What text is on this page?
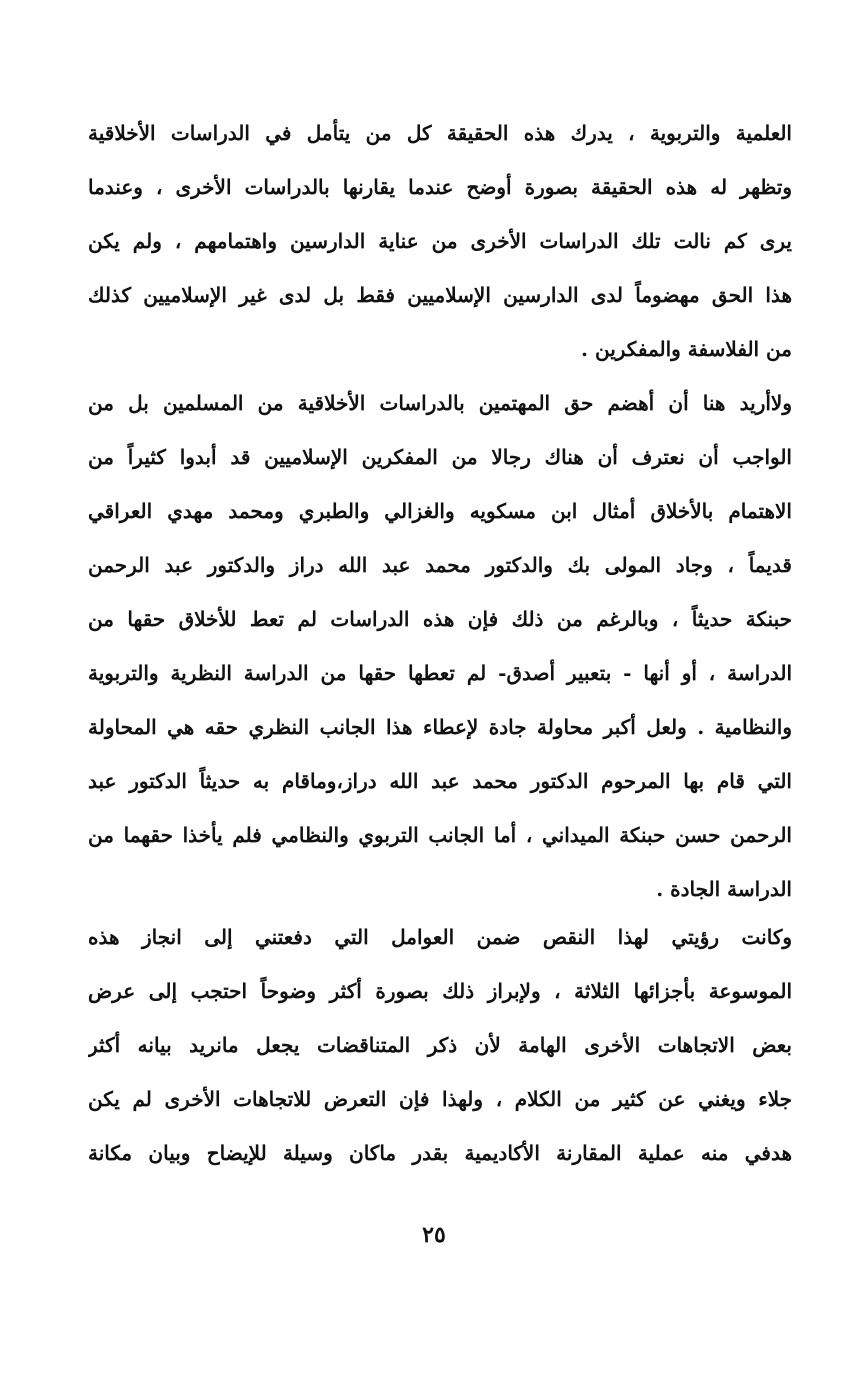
العلمية والتربوية ، يدرك هذه الحقيقة كل من يتأمل في الدراسات الأخلاقية
وتظهر له هذه الحقيقة بصورة أوضح عندما يقارنها بالدراسات الأخرى ، وعندما
يرى كم نالت تلك الدراسات الأخرى من عناية الدارسين واهتمامهم ، ولم يكن
هذا الحق مهضوماً لدى الدارسين الإسلاميين فقط بل لدى غير الإسلاميين كذلك
من الفلاسفة والمفكرين .
ولاأريد هنا أن أهضم حق المهتمين بالدراسات الأخلاقية من المسلمين بل من
الواجب أن نعترف أن هناك رجالا من المفكرين الإسلاميين قد أبدوا كثيراً من
الاهتمام بالأخلاق أمثال ابن مسكويه والغزالي والطبري ومحمد مهدي العراقي
قديماً ، وجاد المولى بك والدكتور محمد عبد الله دراز والدكتور عبد الرحمن
حبنكة حديثاً ، وبالرغم من ذلك فإن هذه الدراسات لم تعط للأخلاق حقها من
الدراسة ، أو أنها - بتعبير أصدق- لم تعطها حقها من الدراسة النظرية والتربوية
والنظامية . ولعل أكبر محاولة جادة لإعطاء هذا الجانب النظري حقه هي المحاولة
التي قام بها المرحوم الدكتور محمد عبد الله دراز،وماقام به حديثاً الدكتور عبد
الرحمن حسن حبنكة الميداني ، أما الجانب التربوي والنظامي فلم يأخذا حقهما من
الدراسة الجادة .
وكانت رؤيتي لهذا النقص ضمن العوامل التي دفعتني إلى انجاز هذه
الموسوعة بأجزائها الثلاثة ، ولإبراز ذلك بصورة أكثر وضوحاً احتجب إلى عرض
بعض الاتجاهات الأخرى الهامة لأن ذكر المتناقضات يجعل مانريد بيانه أكثر
جلاء ويغني عن كثير من الكلام ، ولهذا فإن التعرض للاتجاهات الأخرى لم يكن
هدفي منه عملية المقارنة الأكاديمية بقدر ماكان وسيلة للإيضاح وبيان مكانة
٢٥
